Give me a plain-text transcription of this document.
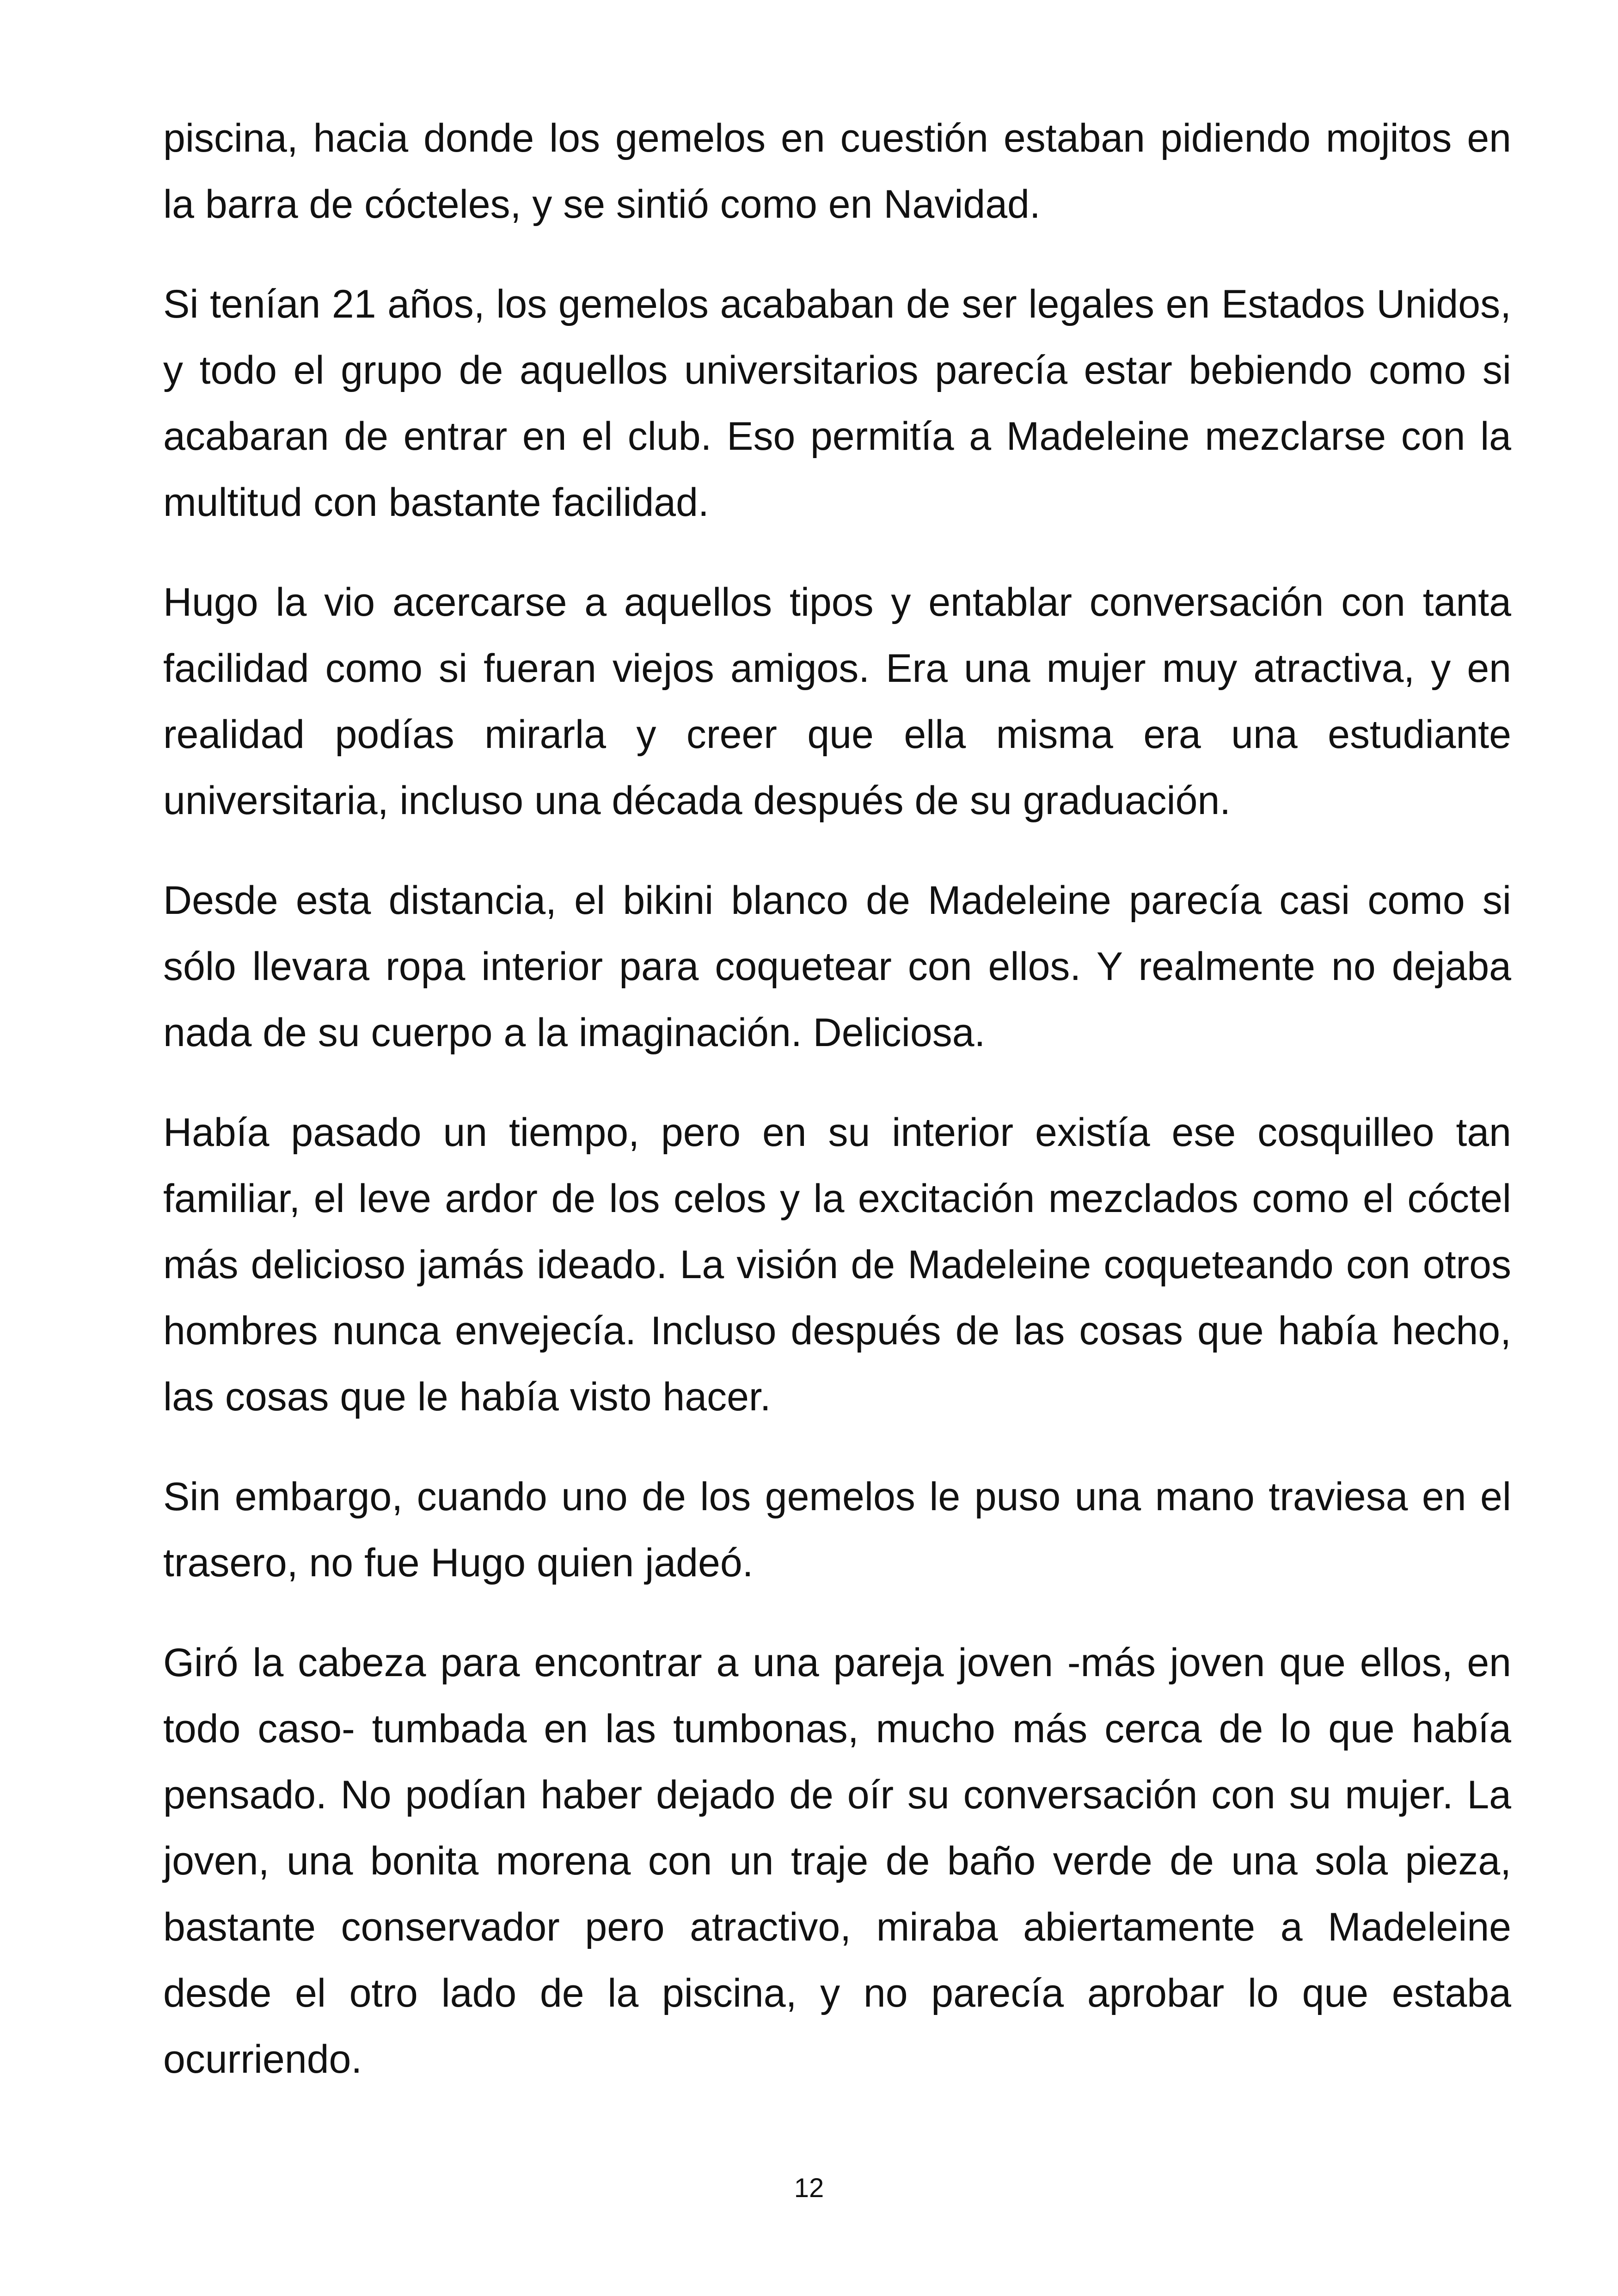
piscina, hacia donde los gemelos en cuestión estaban pidiendo mojitos en la barra de cócteles, y se sintió como en Navidad.

Si tenían 21 años, los gemelos acababan de ser legales en Estados Unidos, y todo el grupo de aquellos universitarios parecía estar bebiendo como si acabaran de entrar en el club. Eso permitía a Madeleine mezclarse con la multitud con bastante facilidad.

Hugo la vio acercarse a aquellos tipos y entablar conversación con tanta facilidad como si fueran viejos amigos. Era una mujer muy atractiva, y en realidad podías mirarla y creer que ella misma era una estudiante universitaria, incluso una década después de su graduación.

Desde esta distancia, el bikini blanco de Madeleine parecía casi como si sólo llevara ropa interior para coquetear con ellos. Y realmente no dejaba nada de su cuerpo a la imaginación. Deliciosa.

Había pasado un tiempo, pero en su interior existía ese cosquilleo tan familiar, el leve ardor de los celos y la excitación mezclados como el cóctel más delicioso jamás ideado. La visión de Madeleine coqueteando con otros hombres nunca envejecía. Incluso después de las cosas que había hecho, las cosas que le había visto hacer.

Sin embargo, cuando uno de los gemelos le puso una mano traviesa en el trasero, no fue Hugo quien jadeó.

Giró la cabeza para encontrar a una pareja joven -más joven que ellos, en todo caso- tumbada en las tumbonas, mucho más cerca de lo que había pensado. No podían haber dejado de oír su conversación con su mujer. La joven, una bonita morena con un traje de baño verde de una sola pieza, bastante conservador pero atractivo, miraba abiertamente a Madeleine desde el otro lado de la piscina, y no parecía aprobar lo que estaba ocurriendo.

12
